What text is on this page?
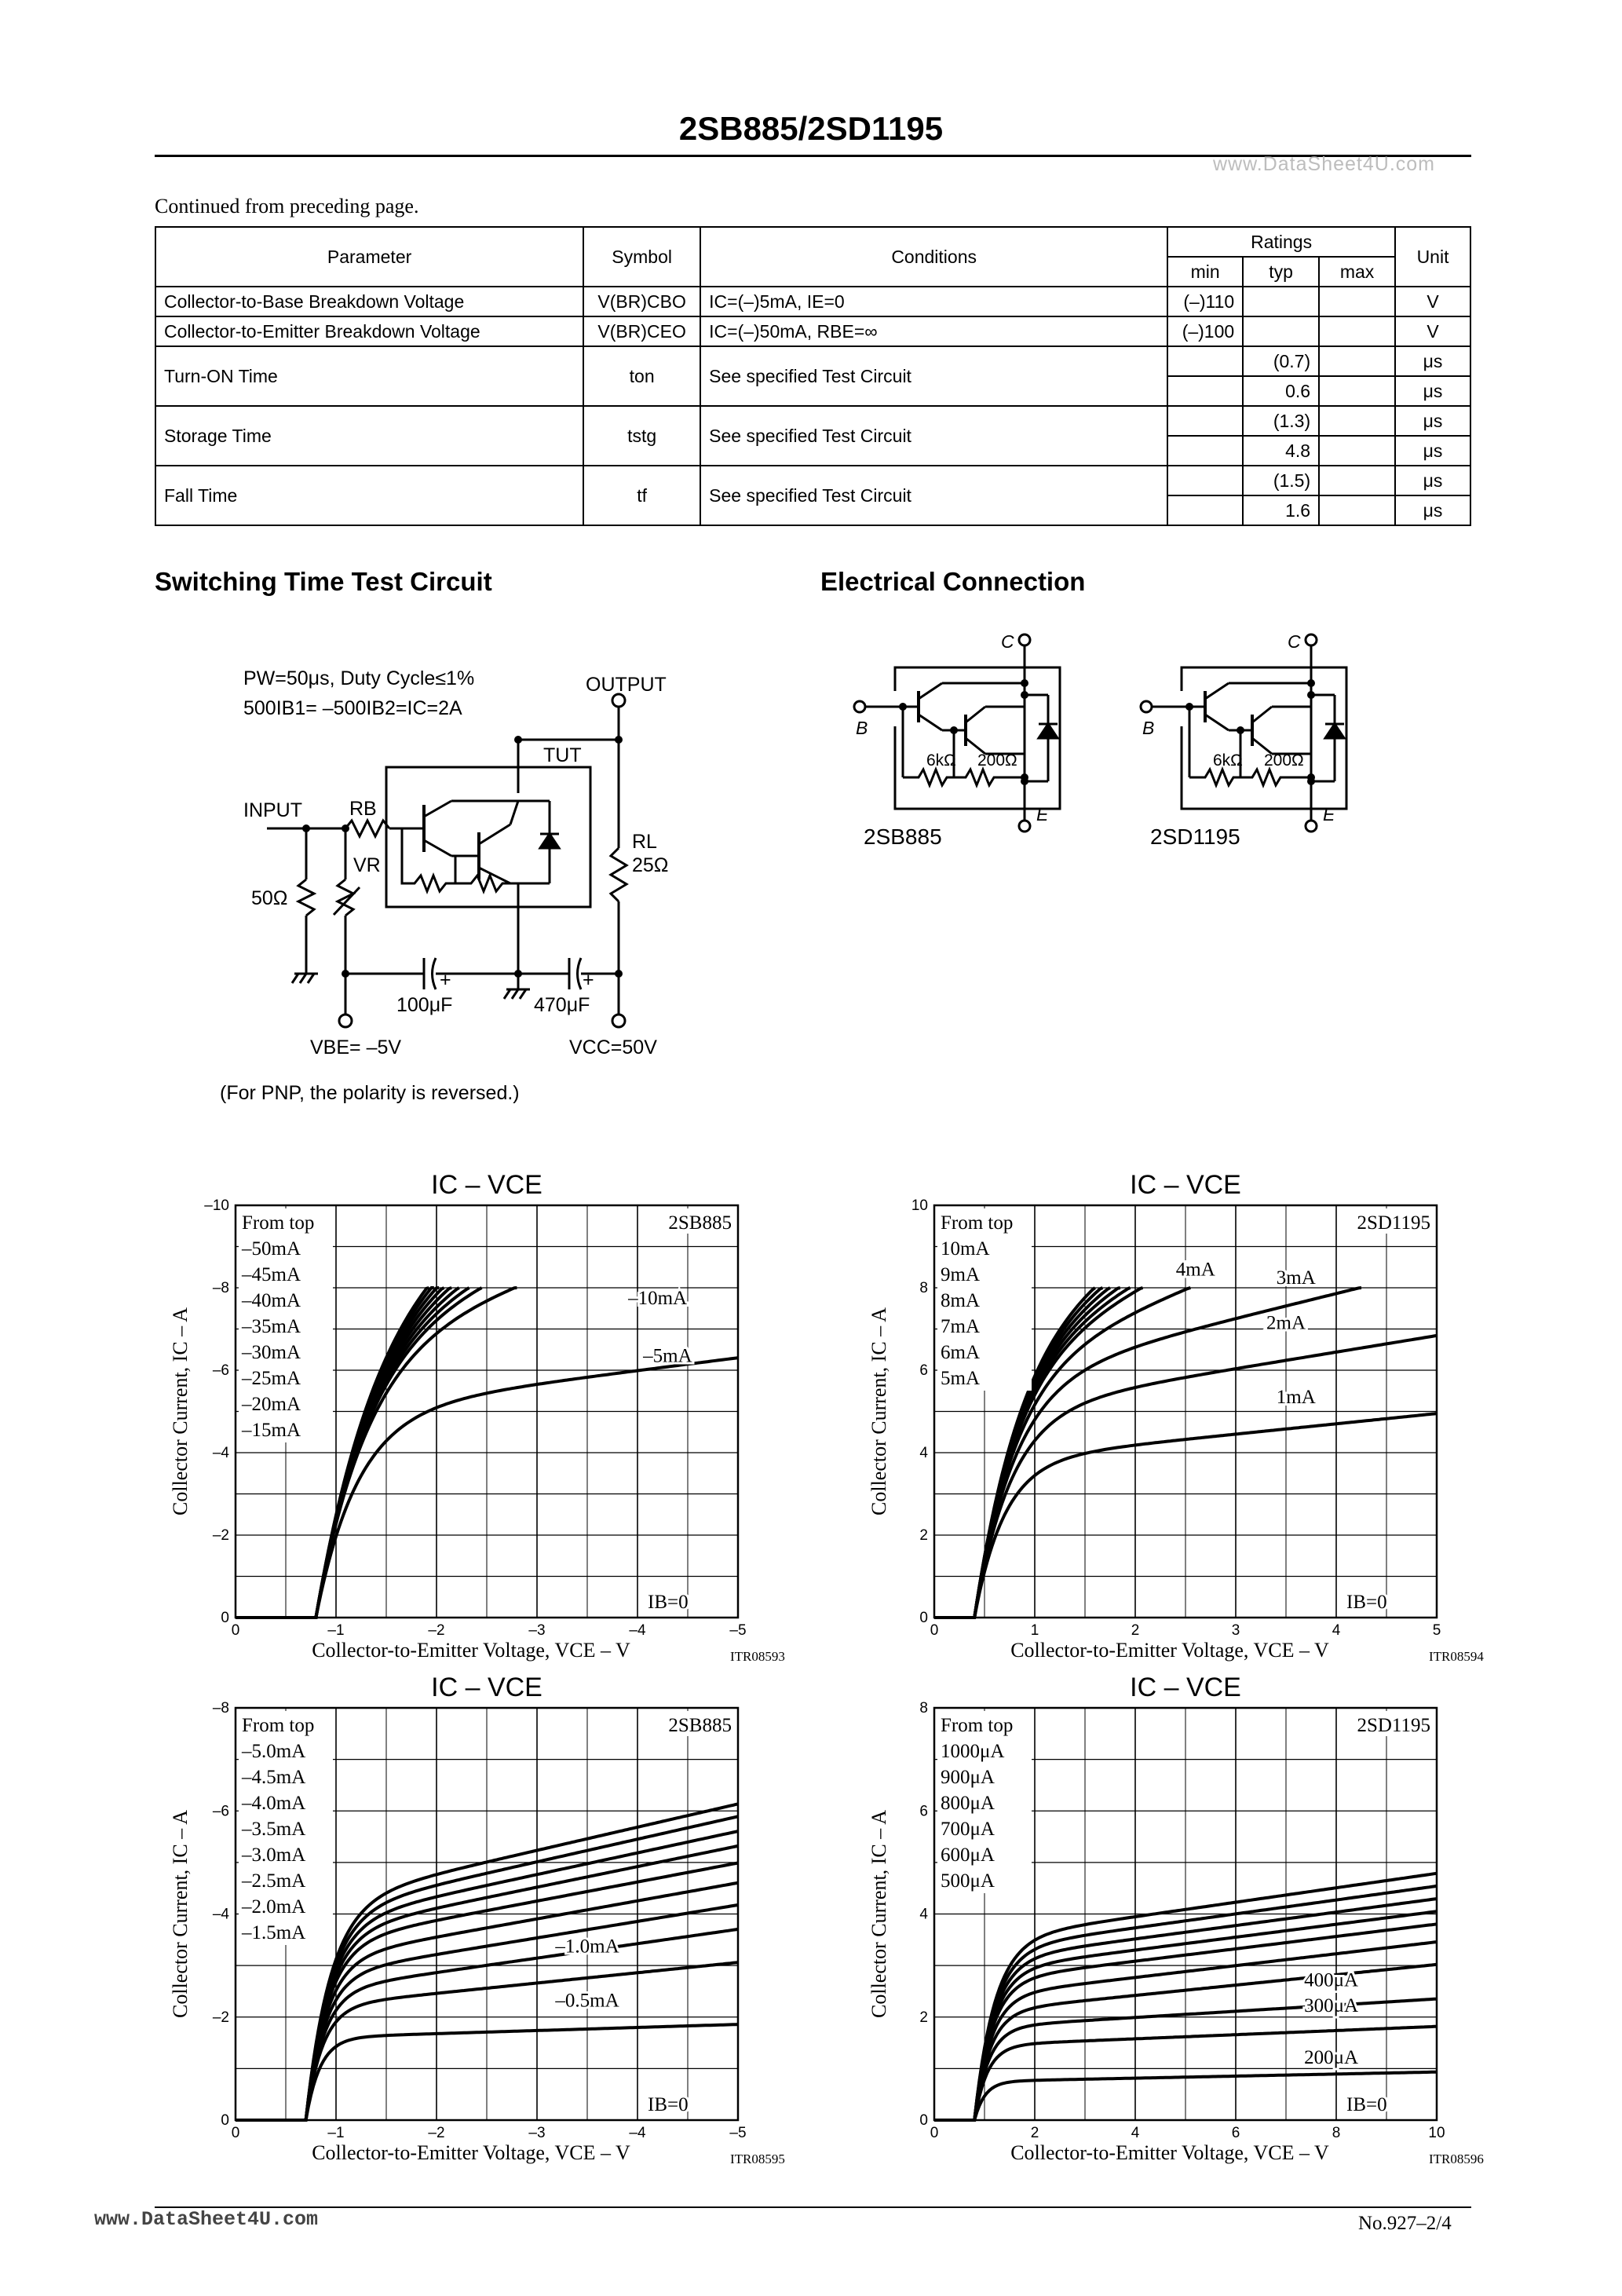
2SB885/2SD1195
www.DataSheet4U.com
Continued from preceding page.
Parameter	Symbol	Conditions	Ratings			Unit
			min	typ	max	
Collector-to-Base Breakdown Voltage	V(BR)CBO	IC=(–)5mA, IE=0	(–)110			V
Collector-to-Emitter Breakdown Voltage	V(BR)CEO	IC=(–)50mA, RBE=∞	(–)100			V
Turn-ON Time	ton	See specified Test Circuit		(0.7)		μs
				0.6		μs
Storage Time	tstg	See specified Test Circuit		(1.3)		μs
				4.8		μs
Fall Time	tf	See specified Test Circuit		(1.5)		μs
				1.6		μs
Switching Time Test Circuit	Electrical Connection
PW=50μs, Duty Cycle≤1%
500IB1= –500IB2=IC=2A
OUTPUT
INPUT
TUT
RB
VR
RL
25Ω
50Ω
+	+
100μF	470μF
VBE= –5V	VCC=50V
(For PNP, the polarity is reversed.)
C
B
E
C
B
E
6kΩ 200Ω	6kΩ 200Ω
2SB885	2SD1195
IC – VCE
0	–1	–2	–3	–4	–5
0
–2
–4
–6
–8
–10
Collector-to-Emitter Voltage, VCE – V	ITR08593
Collector Current, IC – A
From top
–50mA
–45mA
–40mA
–35mA
–30mA
–25mA
–20mA
–15mA
2SB885
–10mA
–5mA
IB=0
IC – VCE
0	1	2	3	4	5
0
2
4
6
8
10
Collector-to-Emitter Voltage, VCE – V	ITR08594
Collector Current, IC – A
From top
10mA
9mA
8mA
7mA
6mA
5mA
2SD1195
4mA	3mA
2mA
1mA
IB=0
IC – VCE
0	–1	–2	–3	–4	–5
0
–2
–4
–6
–8
Collector-to-Emitter Voltage, VCE – V	ITR08595
Collector Current, IC – A
From top
–5.0mA
–4.5mA
–4.0mA
–3.5mA
–3.0mA
–2.5mA
–2.0mA
–1.5mA
2SB885
–1.0mA
–0.5mA
IB=0
IC – VCE
0	2	4	6	8	10
0
2
4
6
8
Collector-to-Emitter Voltage, VCE – V	ITR08596
Collector Current, IC – A
From top
1000μA
900μA
800μA
700μA
600μA
500μA
2SD1195
400μA
300μA
200μA
IB=0
www.DataSheet4U.com	No.927–2/4
